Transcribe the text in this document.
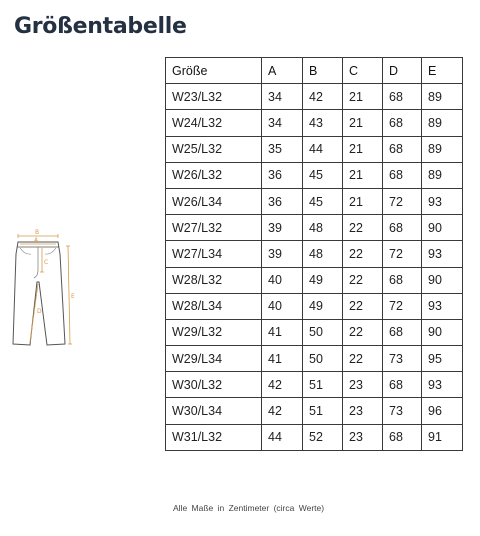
Größentabelle
B
A
C
D
E
Größe	A	B	C	D	E
W23/L32	34	42	21	68	89
W24/L32	34	43	21	68	89
W25/L32	35	44	21	68	89
W26/L32	36	45	21	68	89
W26/L34	36	45	21	72	93
W27/L32	39	48	22	68	90
W27/L34	39	48	22	72	93
W28/L32	40	49	22	68	90
W28/L34	40	49	22	72	93
W29/L32	41	50	22	68	90
W29/L34	41	50	22	73	95
W30/L32	42	51	23	68	93
W30/L34	42	51	23	73	96
W31/L32	44	52	23	68	91
Alle Maße in Zentimeter (circa Werte)
